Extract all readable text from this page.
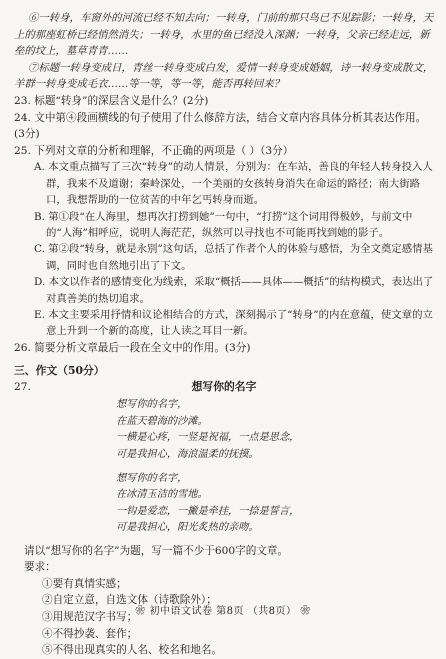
⑥一转身，车窗外的河流已经不知去向；一转身，门前的那只鸟已不见踪影；一转身，天上的那座虹桥已经悄然消失；一转身，水里的鱼已经没入深渊；一转身，父亲已经走远，新垒的坟上，墓草青青……

⑦标题一转身变成日，青丝一转身变成白发，爱情一转身变成婚姻，诗一转身变成散文，羊群一转身变成毛衣……等一等，等一等，能否再转回来？

23. 标题“转身”的深层含义是什么？(2分)

24. 文中第④段画横线的句子使用了什么修辞方法，结合文章内容具体分析其表达作用。(3分)

25. 下列对文章的分析和理解，不正确的两项是（ ）（3分）

A. 本文重点描写了三次“转身”的动人情景，分别为：在车站，善良的年轻人转身投入人群，我来不及道谢；秦岭深处，一个美丽的女孩转身消失在命运的路径；南大街路口，我想帮助的一位贫苦的中年乞丐转身而逝。

B. 第①段“在人海里，想再次打捞到她”一句中，“打捞”这个词用得极妙，与前文中的“人海”相呼应，说明人海茫茫，纵然可以寻找也不可能再找到她的影子。

C. 第②段“转身，就是永别”这句话，总括了作者个人的体验与感悟，为全文奠定感情基调，同时也自然地引出了下文。

D. 本文以作者的感情变化为线索，采取“概括——具体——概括”的结构模式，表达出了对真善美的热切追求。

E. 本文主要采用抒情和议论相结合的方式，深刻揭示了“转身”的内在意蕴，使文章的立意上升到一个新的高度，让人读之耳目一新。

26. 简要分析文章最后一段在全文中的作用。(3分)

三、作文（50分）

27.	想写你的名字

想写你的名字，

在蓝天碧海的沙滩。

一横是心疼，一竖是祝福，一点是思念，

可是我担心，海浪温柔的抚摸。

想写你的名字，

在冰清玉洁的雪地。

一钩是爱恋，一撇是牵挂，一捺是誓言，

可是我担心，阳光炙热的亲吻。

请以“想写你的名字”为题，写一篇不少于600字的文章。

要求：

①要有真情实感；

②自定立意，自选文体（诗歌除外）；

③用规范汉字书写；

④不得抄袭、套作；

⑤不得出现真实的人名、校名和地名。

❀ 初中语文试卷 第8页 （共8页） ❀
